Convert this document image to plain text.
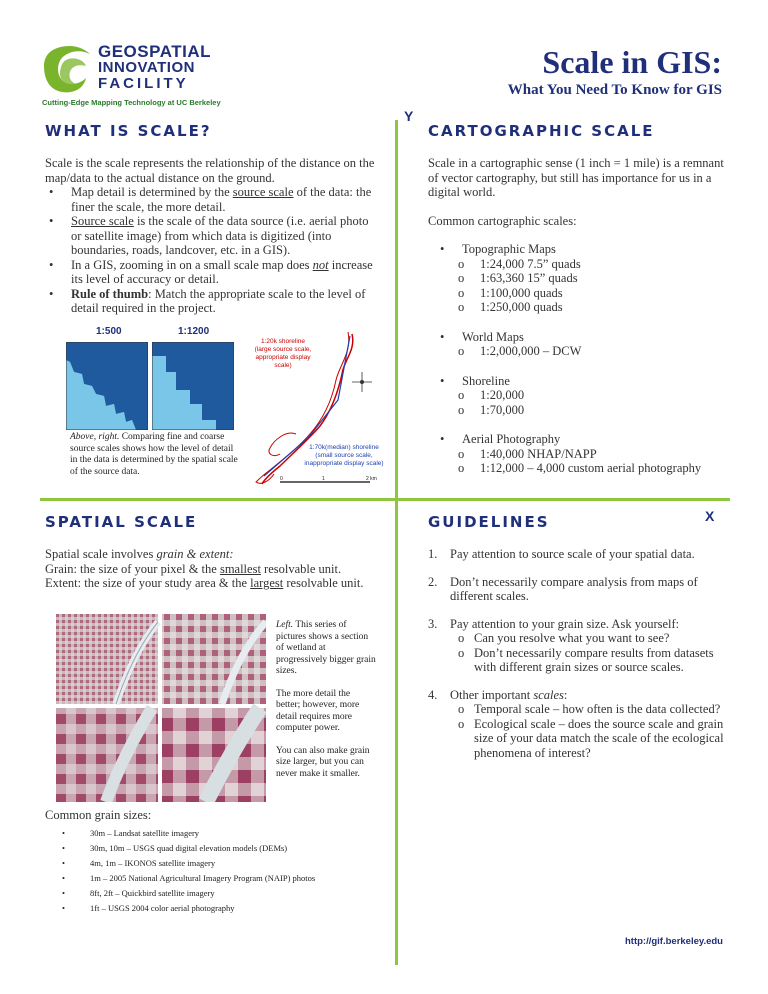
GEOSPATIAL
INNOVATION
FACILITY
Cutting-Edge Mapping Technology at UC Berkeley
Scale in GIS:
What You Need To Know for GIS
Y
X
WHAT IS SCALE?

Scale is the scale represents the relationship of the distance on the map/data to the actual distance on the ground.

• Map detail is determined by the source scale of the data: the finer the scale, the more detail.
• Source scale is the scale of the data source (i.e. aerial photo or satellite image) from which data is digitized (into boundaries, roads, landcover, etc. in a GIS).
• In a GIS, zooming in on a small scale map does not increase its level of accuracy or detail.
• Rule of thumb: Match the appropriate scale to the level of detail required in the project.
1:500	1:1200
Above, right. Comparing fine and coarse source scales shows how the level of detail in the data is determined by the spatial scale of the source data.
1:20k shoreline
(large source scale,
appropriate display scale)
1:70k(median) shoreline
(small source scale,
inappropriate display scale)
0	1	2 km
CARTOGRAPHIC SCALE

Scale in a cartographic sense (1 inch = 1 mile) is a remnant of vector cartography, but still has importance for us in a digital world.

Common cartographic scales:

•	Topographic Maps
o	1:24,000 7.5” quads
o	1:63,360 15” quads
o	1:100,000 quads
o	1:250,000 quads
•	World Maps
o	1:2,000,000 – DCW
•	Shoreline
o	1:20,000
o	1:70,000
•	Aerial Photography
o	1:40,000 NHAP/NAPP
o	1:12,000 – 4,000 custom aerial photography
SPATIAL SCALE

Spatial scale involves grain & extent:

Grain: the size of your pixel & the smallest resolvable unit.

Extent: the size of your study area & the largest resolvable unit.

Left. This series of pictures shows a section of wetland at progressively bigger grain sizes.

The more detail the better; however, more detail requires more computer power.

You can also make grain size larger, but you can never make it smaller.

Common grain sizes:
• 30m – Landsat satellite imagery
• 30m, 10m – USGS quad digital elevation models (DEMs)
• 4m, 1m – IKONOS satellite imagery
• 1m – 2005 National Agricultural Imagery Program (NAIP) photos
• 8ft, 2ft – Quickbird satellite imagery
• 1ft – USGS 2004 color aerial photography
GUIDELINES
1.	Pay attention to source scale of your spatial data.
2.	Don’t necessarily compare analysis from maps of different scales.
3.	Pay attention to your grain size. Ask yourself:
o Can you resolve what you want to see?
o Don’t necessarily compare results from datasets with different grain sizes or source scales.
4.	Other important scales:
o Temporal scale – how often is the data collected?
o Ecological scale – does the source scale and grain size of your data match the scale of the ecological phenomena of interest?
http://gif.berkeley.edu
